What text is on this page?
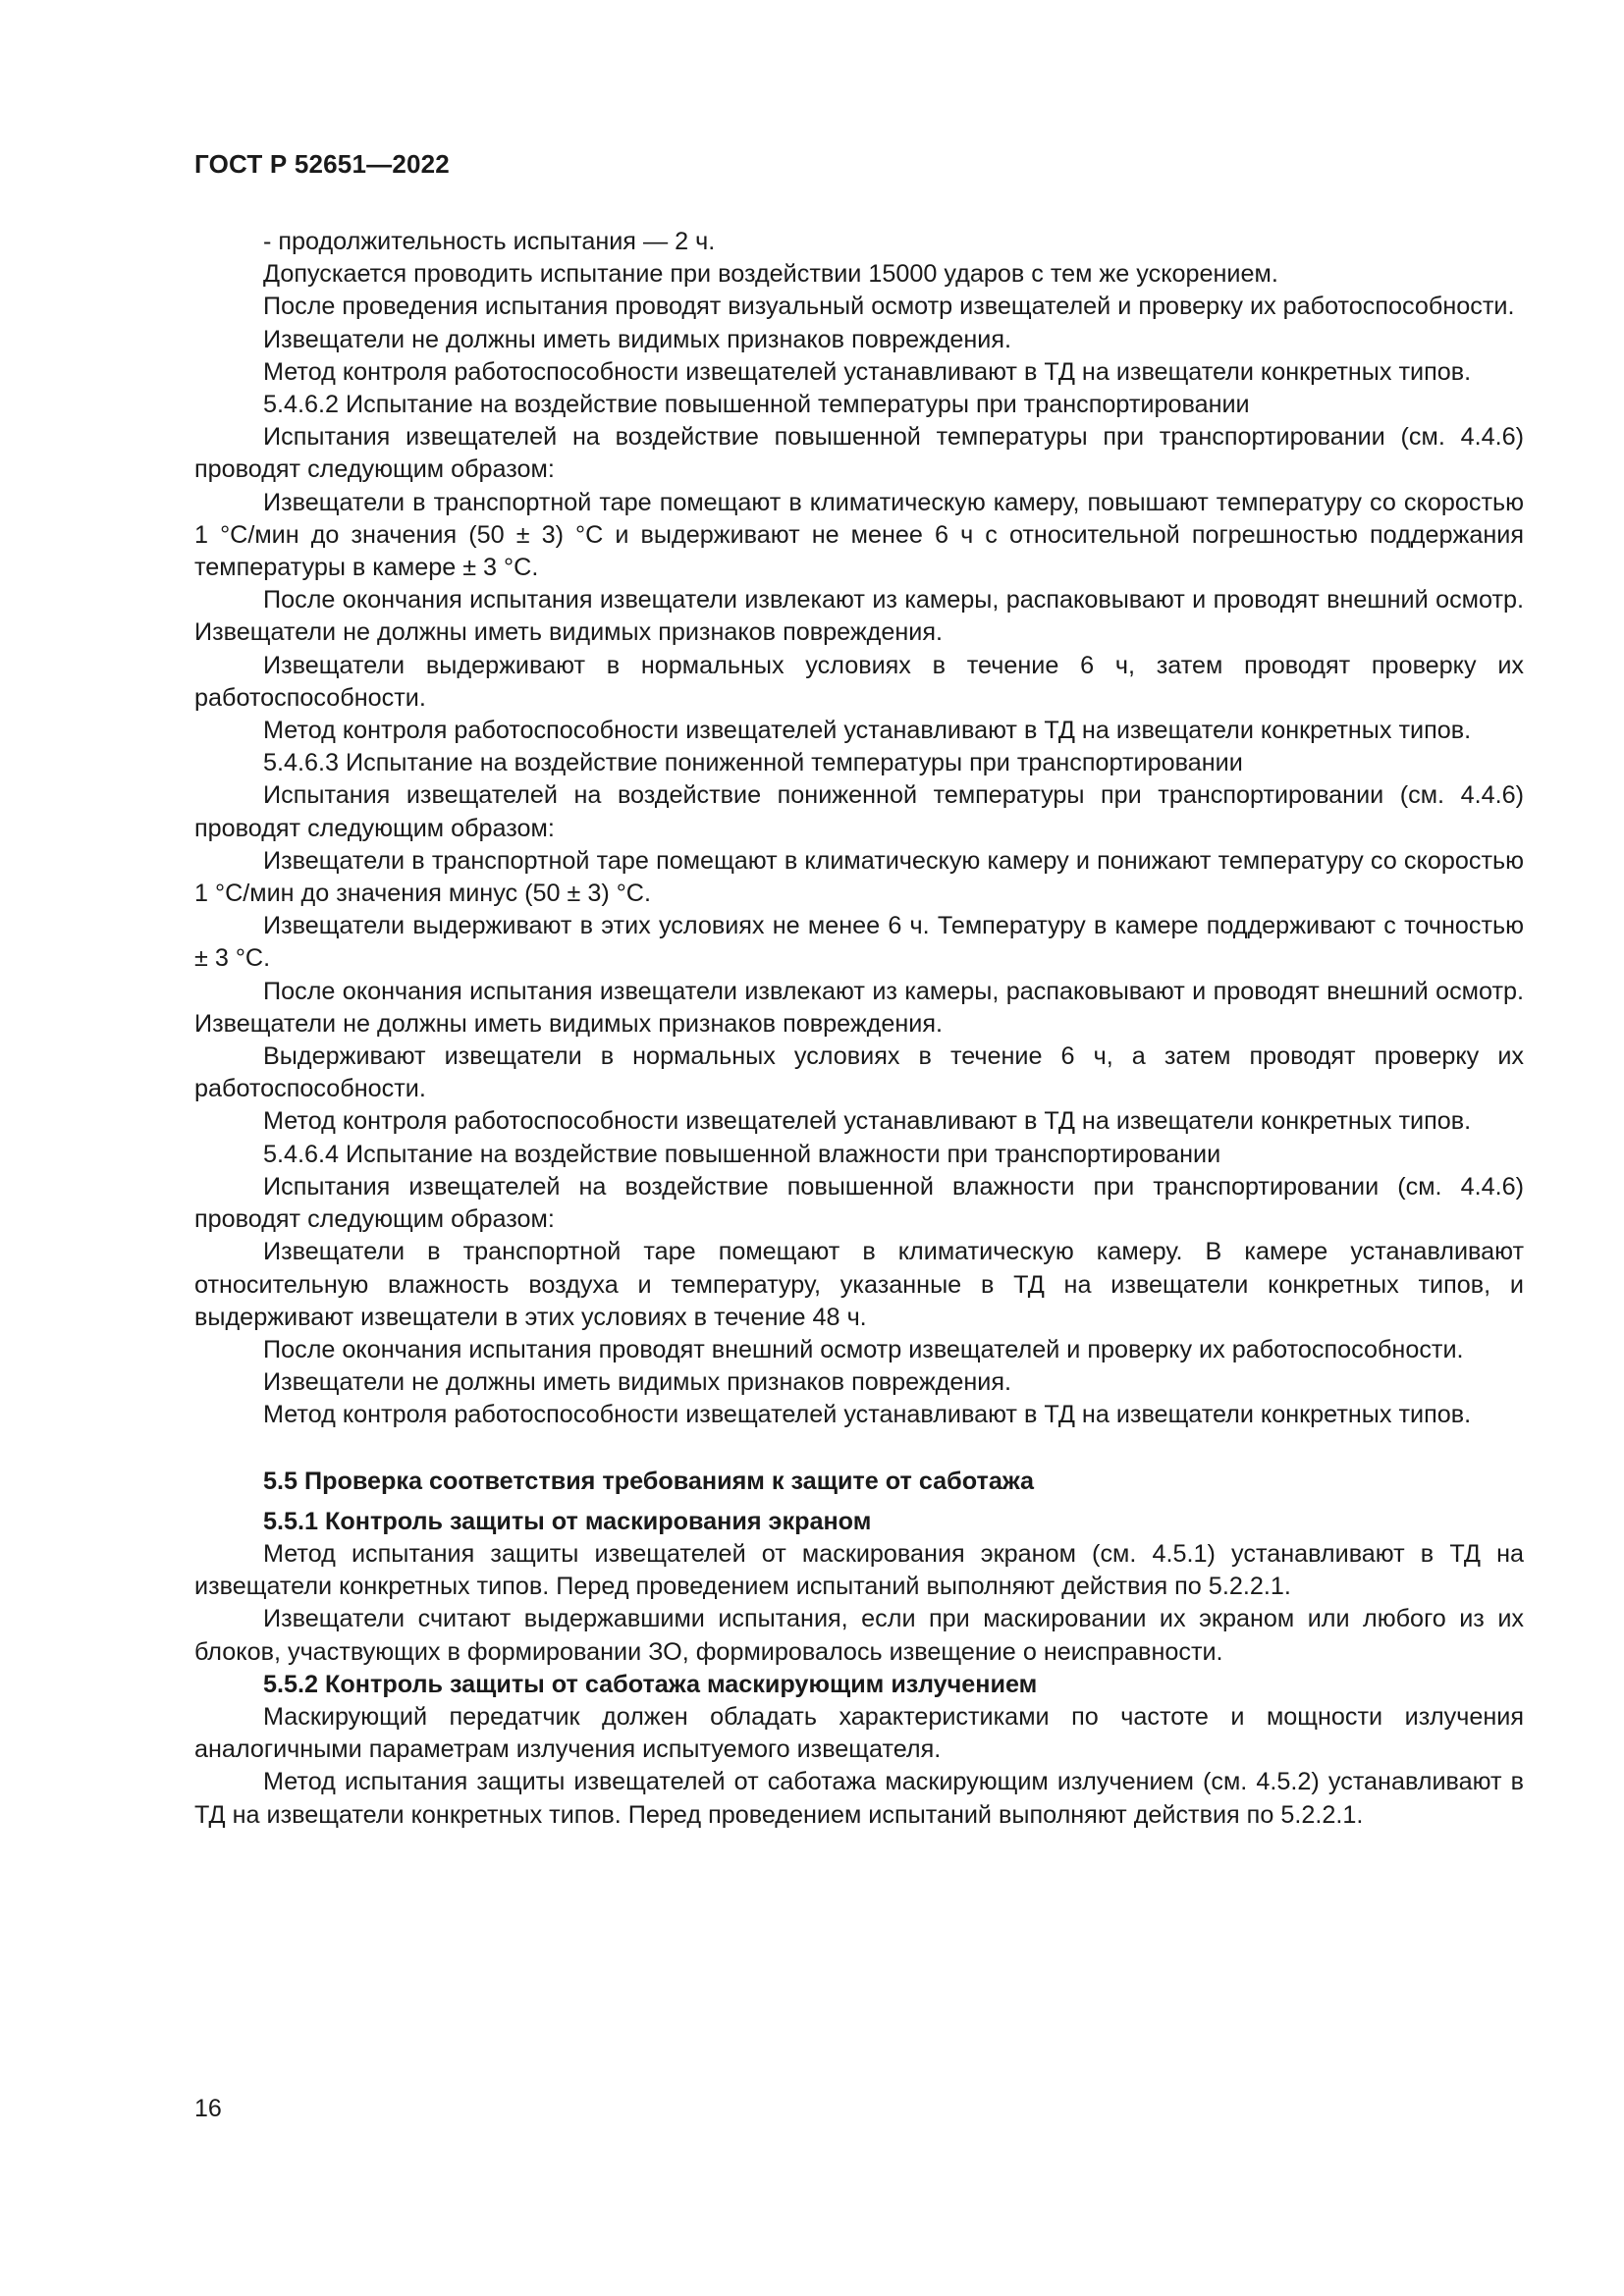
ГОСТ Р 52651—2022

- продолжительность испытания — 2 ч.

Допускается проводить испытание при воздействии 15000 ударов с тем же ускорением.

После проведения испытания проводят визуальный осмотр извещателей и проверку их работоспособности.

Извещатели не должны иметь видимых признаков повреждения.

Метод контроля работоспособности извещателей устанавливают в ТД на извещатели конкретных типов.

5.4.6.2 Испытание на воздействие повышенной температуры при транспортировании

Испытания извещателей на воздействие повышенной температуры при транспортировании (см. 4.4.6) проводят следующим образом:

Извещатели в транспортной таре помещают в климатическую камеру, повышают температуру со скоростью 1 °С/мин до значения (50 ± 3) °С и выдерживают не менее 6 ч с относительной погрешностью поддержания температуры в камере ± 3 °С.

После окончания испытания извещатели извлекают из камеры, распаковывают и проводят внешний осмотр. Извещатели не должны иметь видимых признаков повреждения.

Извещатели выдерживают в нормальных условиях в течение 6 ч, затем проводят проверку их работоспособности.

Метод контроля работоспособности извещателей устанавливают в ТД на извещатели конкретных типов.

5.4.6.3 Испытание на воздействие пониженной температуры при транспортировании

Испытания извещателей на воздействие пониженной температуры при транспортировании (см. 4.4.6) проводят следующим образом:

Извещатели в транспортной таре помещают в климатическую камеру и понижают температуру со скоростью 1 °С/мин до значения минус (50 ± 3) °С.

Извещатели выдерживают в этих условиях не менее 6 ч. Температуру в камере поддерживают с точностью ± 3 °С.

После окончания испытания извещатели извлекают из камеры, распаковывают и проводят внешний осмотр. Извещатели не должны иметь видимых признаков повреждения.

Выдерживают извещатели в нормальных условиях в течение 6 ч, а затем проводят проверку их работоспособности.

Метод контроля работоспособности извещателей устанавливают в ТД на извещатели конкретных типов.

5.4.6.4 Испытание на воздействие повышенной влажности при транспортировании

Испытания извещателей на воздействие повышенной влажности при транспортировании (см. 4.4.6) проводят следующим образом:

Извещатели в транспортной таре помещают в климатическую камеру. В камере устанавливают относительную влажность воздуха и температуру, указанные в ТД на извещатели конкретных типов, и выдерживают извещатели в этих условиях в течение 48 ч.

После окончания испытания проводят внешний осмотр извещателей и проверку их работоспособности.

Извещатели не должны иметь видимых признаков повреждения.

Метод контроля работоспособности извещателей устанавливают в ТД на извещатели конкретных типов.

5.5 Проверка соответствия требованиям к защите от саботажа

5.5.1 Контроль защиты от маскирования экраном

Метод испытания защиты извещателей от маскирования экраном (см. 4.5.1) устанавливают в ТД на извещатели конкретных типов. Перед проведением испытаний выполняют действия по 5.2.2.1.

Извещатели считают выдержавшими испытания, если при маскировании их экраном или любого из их блоков, участвующих в формировании ЗО, формировалось извещение о неисправности.

5.5.2 Контроль защиты от саботажа маскирующим излучением

Маскирующий передатчик должен обладать характеристиками по частоте и мощности излучения аналогичными параметрам излучения испытуемого извещателя.

Метод испытания защиты извещателей от саботажа маскирующим излучением (см. 4.5.2) устанавливают в ТД на извещатели конкретных типов. Перед проведением испытаний выполняют действия по 5.2.2.1.

16
